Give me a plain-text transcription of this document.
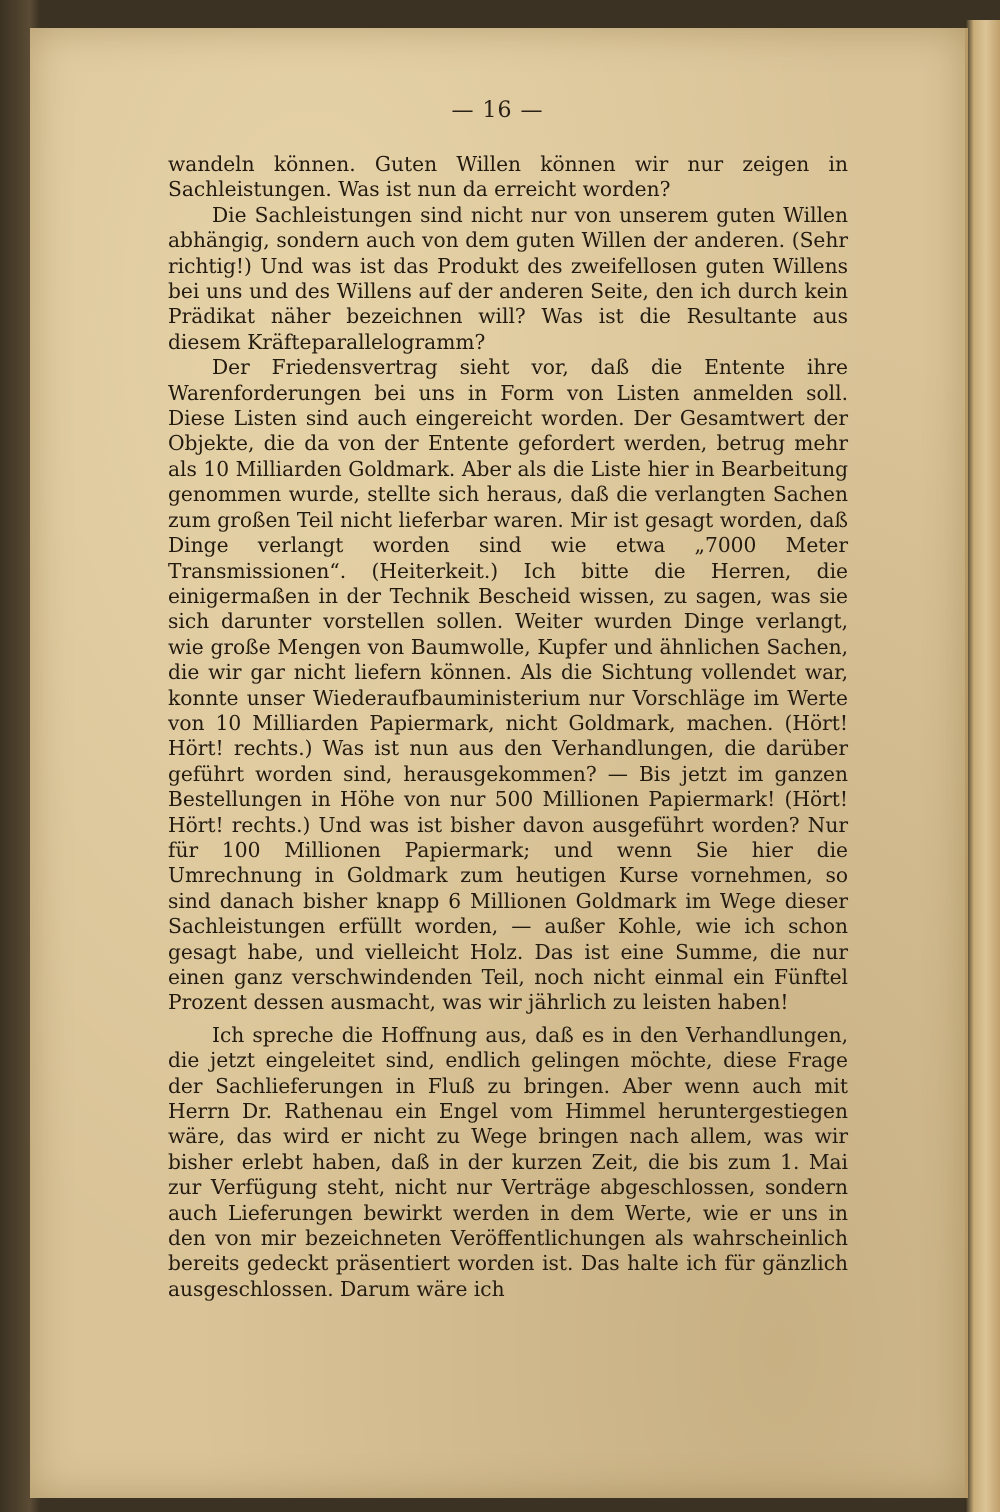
— 16 —

wandeln können. Guten Willen können wir nur zeigen in Sachleistungen. Was ist nun da erreicht worden?

Die Sachleistungen sind nicht nur von unserem guten Willen abhängig, sondern auch von dem guten Willen der anderen. (Sehr richtig!) Und was ist das Produkt des zweifellosen guten Willens bei uns und des Willens auf der anderen Seite, den ich durch kein Prädikat näher bezeichnen will? Was ist die Resultante aus diesem Kräfteparallelogramm?

Der Friedensvertrag sieht vor, daß die Entente ihre Warenforderungen bei uns in Form von Listen anmelden soll. Diese Listen sind auch eingereicht worden. Der Gesamtwert der Objekte, die da von der Entente gefordert werden, betrug mehr als 10 Milliarden Goldmark. Aber als die Liste hier in Bearbeitung genommen wurde, stellte sich heraus, daß die verlangten Sachen zum großen Teil nicht lieferbar waren. Mir ist gesagt worden, daß Dinge verlangt worden sind wie etwa „7000 Meter Transmissionen“. (Heiterkeit.) Ich bitte die Herren, die einigermaßen in der Technik Bescheid wissen, zu sagen, was sie sich darunter vorstellen sollen. Weiter wurden Dinge verlangt, wie große Mengen von Baumwolle, Kupfer und ähnlichen Sachen, die wir gar nicht liefern können. Als die Sichtung vollendet war, konnte unser Wiederaufbauministerium nur Vorschläge im Werte von 10 Milliarden Papiermark, nicht Goldmark, machen. (Hört! Hört! rechts.) Was ist nun aus den Verhandlungen, die darüber geführt worden sind, herausgekommen? — Bis jetzt im ganzen Bestellungen in Höhe von nur 500 Millionen Papiermark! (Hört! Hört! rechts.) Und was ist bisher davon ausgeführt worden? Nur für 100 Millionen Papiermark; und wenn Sie hier die Umrechnung in Goldmark zum heutigen Kurse vornehmen, so sind danach bisher knapp 6 Millionen Goldmark im Wege dieser Sachleistungen erfüllt worden, — außer Kohle, wie ich schon gesagt habe, und vielleicht Holz. Das ist eine Summe, die nur einen ganz verschwindenden Teil, noch nicht einmal ein Fünftel Prozent dessen ausmacht, was wir jährlich zu leisten haben!

Ich spreche die Hoffnung aus, daß es in den Verhandlungen, die jetzt eingeleitet sind, endlich gelingen möchte, diese Frage der Sachlieferungen in Fluß zu bringen. Aber wenn auch mit Herrn Dr. Rathenau ein Engel vom Himmel heruntergestiegen wäre, das wird er nicht zu Wege bringen nach allem, was wir bisher erlebt haben, daß in der kurzen Zeit, die bis zum 1. Mai zur Verfügung steht, nicht nur Verträge abgeschlossen, sondern auch Lieferungen bewirkt werden in dem Werte, wie er uns in den von mir bezeichneten Veröffentlichungen als wahrscheinlich bereits gedeckt präsentiert worden ist. Das halte ich für gänzlich ausgeschlossen. Darum wäre ich
